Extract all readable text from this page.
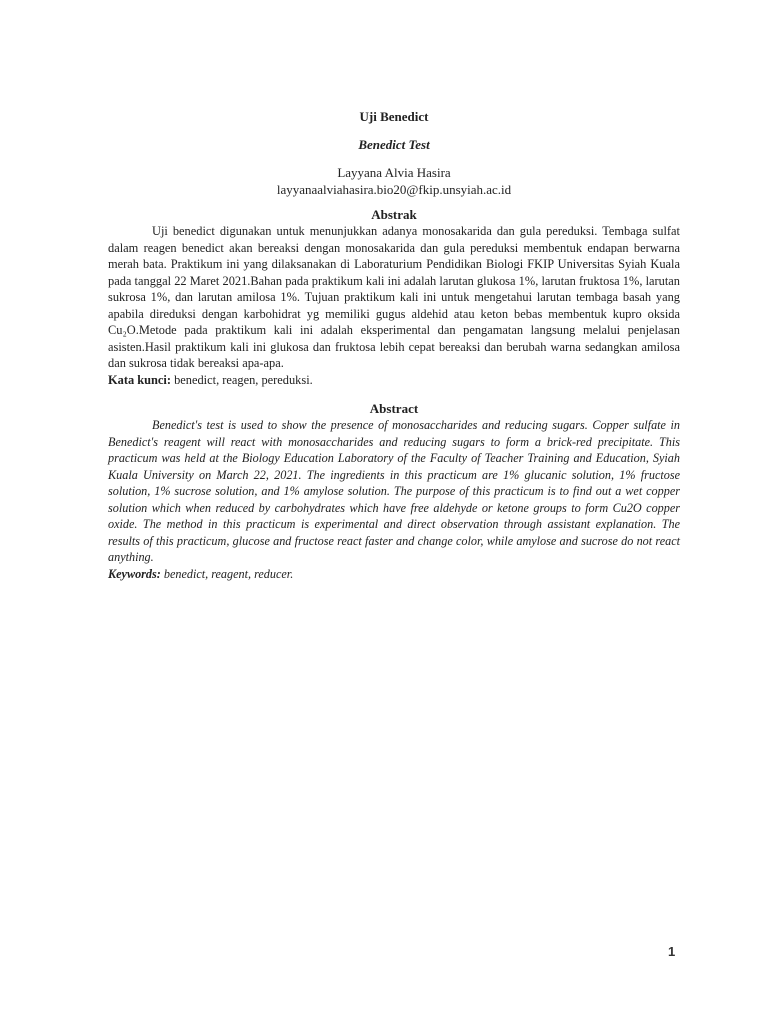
Uji Benedict

Benedict Test

Layyana Alvia Hasira

layyanaalviahasira.bio20@fkip.unsyiah.ac.id

Abstrak

Uji benedict digunakan untuk menunjukkan adanya monosakarida dan gula pereduksi. Tembaga sulfat dalam reagen benedict akan bereaksi dengan monosakarida dan gula pereduksi membentuk endapan berwarna merah bata. Praktikum ini yang dilaksanakan di Laboraturium Pendidikan Biologi FKIP Universitas Syiah Kuala pada tanggal 22 Maret 2021.Bahan pada praktikum kali ini adalah larutan glukosa 1%, larutan fruktosa 1%, larutan sukrosa 1%, dan larutan amilosa 1%. Tujuan praktikum kali ini untuk mengetahui larutan tembaga basah yang apabila direduksi dengan karbohidrat yg memiliki gugus aldehid atau keton bebas membentuk kupro oksida Cu₂O.Metode pada praktikum kali ini adalah eksperimental dan pengamatan langsung melalui penjelasan asisten.Hasil praktikum kali ini glukosa dan fruktosa lebih cepat bereaksi dan berubah warna sedangkan amilosa dan sukrosa tidak bereaksi apa-apa.

Kata kunci: benedict, reagen, pereduksi.

Abstract

Benedict's test is used to show the presence of monosaccharides and reducing sugars. Copper sulfate in Benedict's reagent will react with monosaccharides and reducing sugars to form a brick-red precipitate. This practicum was held at the Biology Education Laboratory of the Faculty of Teacher Training and Education, Syiah Kuala University on March 22, 2021. The ingredients in this practicum are 1% glucanic solution, 1% fructose solution, 1% sucrose solution, and 1% amylose solution. The purpose of this practicum is to find out a wet copper solution which when reduced by carbohydrates which have free aldehyde or ketone groups to form Cu2O copper oxide. The method in this practicum is experimental and direct observation through assistant explanation. The results of this practicum, glucose and fructose react faster and change color, while amylose and sucrose do not react anything.

Keywords: benedict, reagent, reducer.

1
